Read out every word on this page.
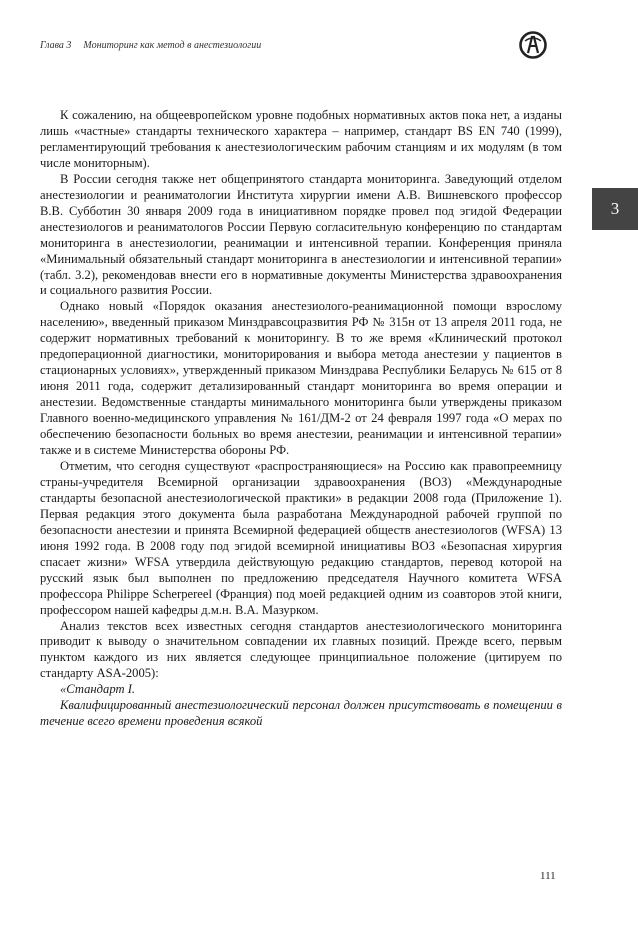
Глава 3 Мониторинг как метод в анестезиологии
3

К сожалению, на общеевропейском уровне подобных нормативных актов пока нет, а изданы лишь «частные» стандарты технического характера – например, стандарт BS EN 740 (1999), регламентирующий требования к анестезиологическим рабочим станциям и их модулям (в том числе мониторным).

В России сегодня также нет общепринятого стандарта мониторинга. Заведующий отделом анестезиологии и реаниматологии Института хирургии имени А.В. Вишневского профессор В.В. Субботин 30 января 2009 года в инициативном порядке провел под эгидой Федерации анестезиологов и реаниматологов России Первую согласительную конференцию по стандартам мониторинга в анестезиологии, реанимации и интенсивной терапии. Конференция приняла «Минимальный обязательный стандарт мониторинга в анестезиологии и интенсивной терапии» (табл. 3.2), рекомендовав внести его в нормативные документы Министерства здравоохранения и социального развития России.

Однако новый «Порядок оказания анестезиолого-реанимационной помощи взрослому населению», введенный приказом Минздравсоцразвития РФ № 315н от 13 апреля 2011 года, не содержит нормативных требований к мониторингу. В то же время «Клинический протокол предоперационной диагностики, мониторирования и выбора метода анестезии у пациентов в стационарных условиях», утвержденный приказом Минздрава Республики Беларусь № 615 от 8 июня 2011 года, содержит детализированный стандарт мониторинга во время операции и анестезии. Ведомственные стандарты минимального мониторинга были утверждены приказом Главного военно-медицинского управления № 161/ДМ-2 от 24 февраля 1997 года «О мерах по обеспечению безопасности больных во время анестезии, реанимации и интенсивной терапии» также и в системе Министерства обороны РФ.

Отметим, что сегодня существуют «распространяющиеся» на Россию как правопреемницу страны-учредителя Всемирной организации здравоохранения (ВОЗ) «Международные стандарты безопасной анестезиологической практики» в редакции 2008 года (Приложение 1). Первая редакция этого документа была разработана Международной рабочей группой по безопасности анестезии и принята Всемирной федерацией обществ анестезиологов (WFSA) 13 июня 1992 года. В 2008 году под эгидой всемирной инициативы ВОЗ «Безопасная хирургия спасает жизни» WFSA утвердила действующую редакцию стандартов, перевод которой на русский язык был выполнен по предложению председателя Научного комитета WFSA профессора Philippe Scherpereel (Франция) под моей редакцией одним из соавторов этой книги, профессором нашей кафедры д.м.н. В.А. Мазурком.

Анализ текстов всех известных сегодня стандартов анестезиологического мониторинга приводит к выводу о значительном совпадении их главных позиций. Прежде всего, первым пунктом каждого из них является следующее принципиальное положение (цитируем по стандарту ASA-2005):

«Стандарт I.

Квалифицированный анестезиологический персонал должен присутствовать в помещении в течение всего времени проведения всякой

111
